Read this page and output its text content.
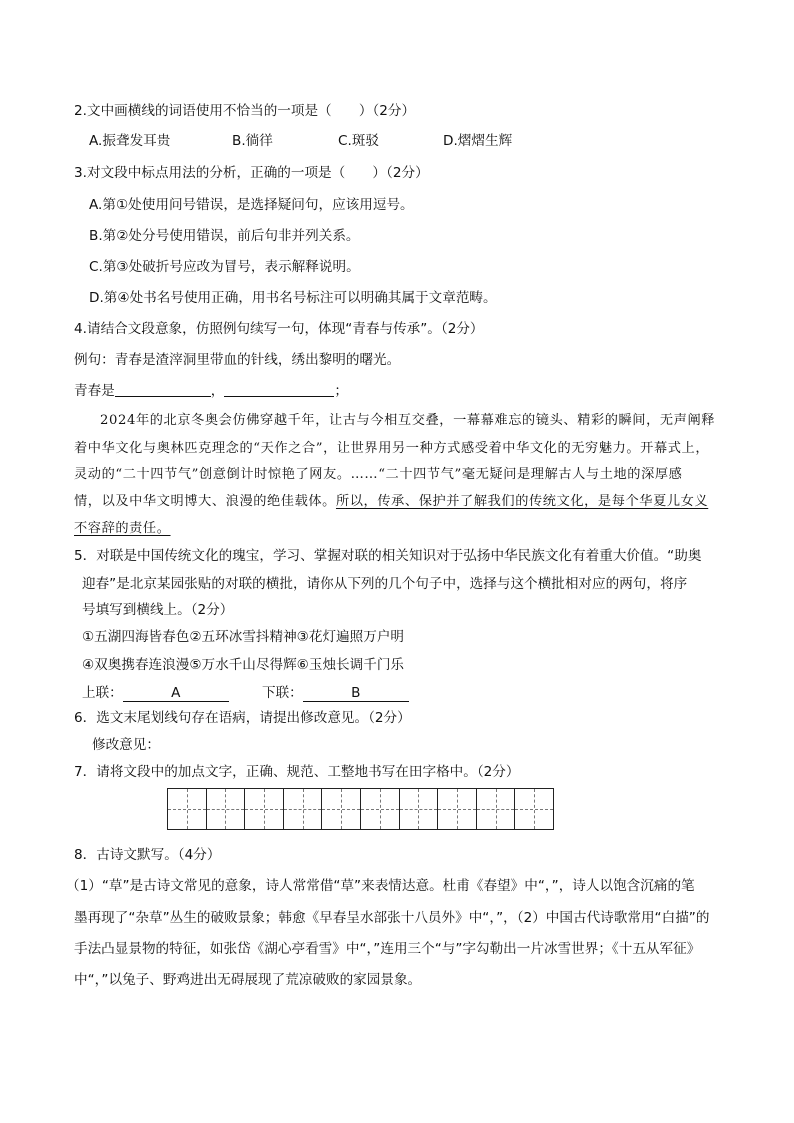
2.文中画横线的词语使用不恰当的一项是（　　）（2分）
A.振聋发耳贵	B.徜徉	C.斑驳	D.熠熠生辉
3.对文段中标点用法的分析，正确的一项是（　　）（2分）
A.第①处使用问号错误，是选择疑问句，应该用逗号。
B.第②处分号使用错误，前后句非并列关系。
C.第③处破折号应改为冒号，表示解释说明。
D.第④处书名号使用正确，用书名号标注可以明确其属于文章范畴。
4.请结合文段意象，仿照例句续写一句，体现“青春与传承”。（2分）
例句：青春是渣滓洞里带血的针线，绣出黎明的曙光。
青春是	，	；
2024年的北京冬奥会仿佛穿越千年，让古与今相互交叠，一幕幕难忘的镜头、精彩的瞬间，无声阐释
着中华文化与奥林匹克理念的“天作之合”，让世界用另一种方式感受着中华文化的无穷魅力。开幕式上，
灵动的“二十四节气”创意倒计时惊艳了网友。……“二十四节气”毫无疑问是理解古人与土地的深厚感
情，以及中华文明博大、浪漫的绝佳载体。所以，传承、保护并了解我们的传统文化，是每个华夏儿女义
不容辞的责任。
5．对联是中国传统文化的瑰宝，学习、掌握对联的相关知识对于弘扬中华民族文化有着重大价值。“助奥
迎春”是北京某园张贴的对联的横批，请你从下列的几个句子中，选择与这个横批相对应的两句，将序
号填写到横线上。（2分）
①五湖四海皆春色②五环冰雪抖精神③花灯遍照万户明
④双奥携春连浪漫⑤万水千山尽得辉⑥玉烛长调千门乐
上联：	A	下联：	B
6．选文末尾划线句存在语病，请提出修改意见。（2分）
修改意见：
7．请将文段中的加点文字，正确、规范、工整地书写在田字格中。（2分）
8．古诗文默写。（4分）
（1）“草”是古诗文常见的意象，诗人常常借“草”来表情达意。杜甫《春望》中“，”，诗人以饱含沉痛的笔
墨再现了“杂草”丛生的破败景象；韩愈《早春呈水部张十八员外》中“，”，（2）中国古代诗歌常用“白描”的
手法凸显景物的特征，如张岱《湖心亭看雪》中“，”连用三个“与”字勾勒出一片冰雪世界；《十五从军征》
中“，”以兔子、野鸡进出无碍展现了荒凉破败的家园景象。
